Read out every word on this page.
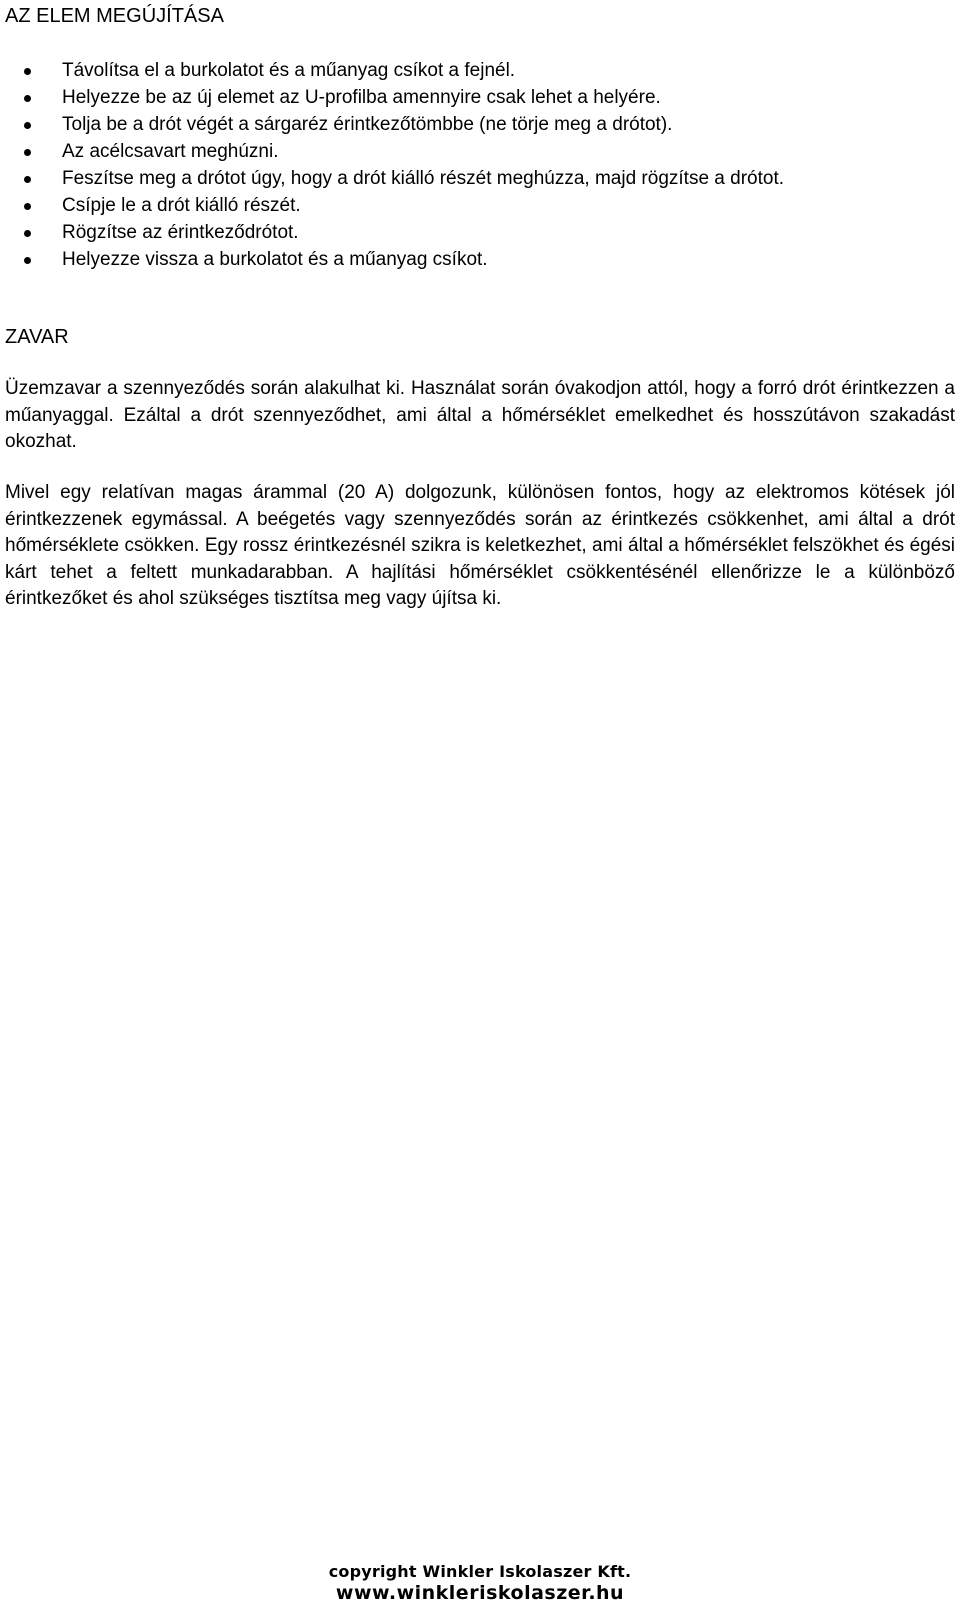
AZ ELEM MEGÚJÍTÁSA
Távolítsa el a burkolatot és a műanyag csíkot a fejnél.
Helyezze be az új elemet az U-profilba amennyire csak lehet a helyére.
Tolja be a drót végét a sárgaréz érintkezőtömbbe (ne törje meg a drótot).
Az acélcsavart meghúzni.
Feszítse meg a drótot úgy, hogy a drót kiálló részét meghúzza, majd rögzítse a drótot.
Csípje le a drót kiálló részét.
Rögzítse az érintkeződrótot.
Helyezze vissza a burkolatot és a műanyag csíkot.
ZAVAR

Üzemzavar a szennyeződés során alakulhat ki. Használat során óvakodjon attól, hogy a forró drót érintkezzen a műanyaggal. Ezáltal a drót szennyeződhet, ami által a hőmérséklet emelkedhet és hosszútávon szakadást okozhat.

Mivel egy relatívan magas árammal (20 A) dolgozunk, különösen fontos, hogy az elektromos kötések jól érintkezzenek egymással. A beégetés vagy szennyeződés során az érintkezés csökkenhet, ami által a drót hőmérséklete csökken. Egy rossz érintkezésnél szikra is keletkezhet, ami által a hőmérséklet felszökhet és égési kárt tehet a feltett munkadarabban. A hajlítási hőmérséklet csökkentésénél ellenőrizze le a különböző érintkezőket és ahol szükséges tisztítsa meg vagy újítsa ki.

copyright Winkler Iskolaszer Kft.
www.winkleriskolaszer.hu
